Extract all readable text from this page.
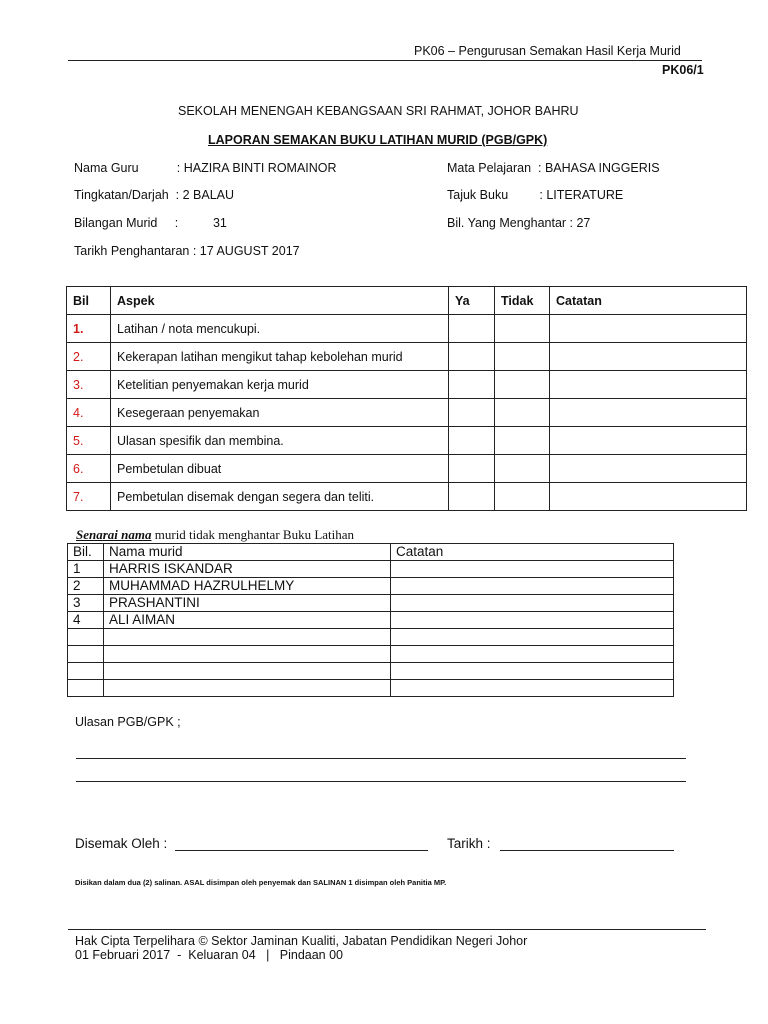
PK06 – Pengurusan Semakan Hasil Kerja Murid
PK06/1
SEKOLAH MENENGAH KEBANGSAAN SRI RAHMAT, JOHOR BAHRU
LAPORAN SEMAKAN BUKU LATIHAN MURID (PGB/GPK)
Nama Guru           : HAZIRA BINTI ROMAINOR	Mata Pelajaran  : BAHASA INGGERIS
Tingkatan/Darjah  : 2 BALAU	Tajuk Buku         : LITERATURE
Bilangan Murid     :          31	Bil. Yang Menghantar : 27
Tarikh Penghantaran : 17 AUGUST 2017
Bil	Aspek	Ya	Tidak	Catatan
1.	Latihan / nota mencukupi.			
2.	Kekerapan latihan mengikut tahap kebolehan murid			
3.	Ketelitian penyemakan kerja murid			
4.	Kesegeraan penyemakan			
5.	Ulasan spesifik dan membina.			
6.	Pembetulan dibuat			
7.	Pembetulan disemak dengan segera dan teliti.			
Senarai nama murid tidak menghantar Buku Latihan
Bil.	Nama murid	Catatan
1	HARRIS ISKANDAR	
2	MUHAMMAD HAZRULHELMY	
3	PRASHANTINI	
4	ALI AIMAN	

Ulasan PGB/GPK ;
Disemak Oleh :	Tarikh :
Disikan dalam dua (2) salinan. ASAL disimpan oleh penyemak dan SALINAN 1 disimpan oleh Panitia MP.
Hak Cipta Terpelihara © Sektor Jaminan Kualiti, Jabatan Pendidikan Negeri Johor
01 Februari 2017  -  Keluaran 04   |   Pindaan 00
